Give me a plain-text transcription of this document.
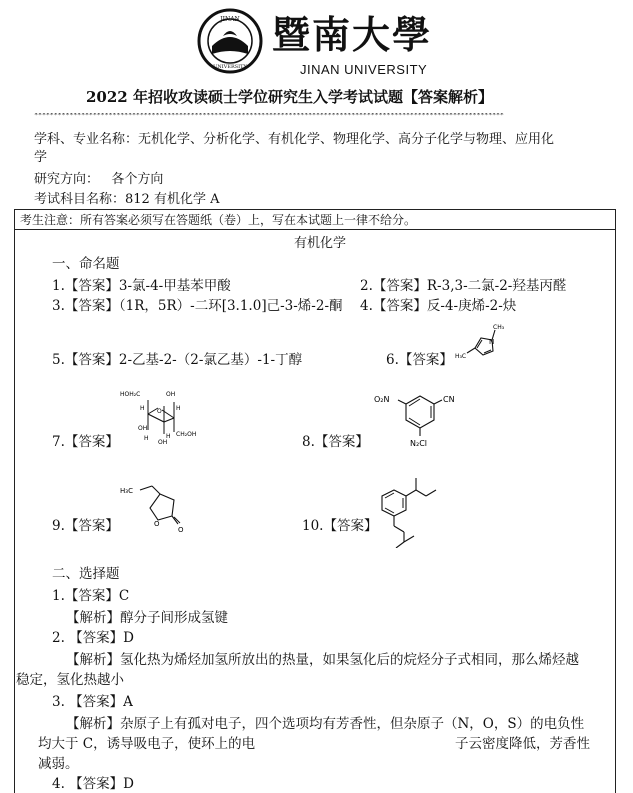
JINAN
UNIVERSITY
暨南大學
JINAN UNIVERSITY
2022 年招收攻读硕士学位研究生入学考试试题【答案解析】
************************************************************************************************************************
学科、专业名称：无机化学、分析化学、有机化学、物理化学、高分子化学与物理、应用化
学
研究方向：   各个方向
考试科目名称：812 有机化学 A
考生注意：所有答案必须写在答题纸（卷）上，写在本试题上一律不给分。
有机化学
一、命名题
1.【答案】3-氯-4-甲基苯甲酸	2.【答案】R-3,3-二氯-2-羟基丙醛
3.【答案】（1R，5R）-二环[3.1.0]己-3-烯-2-酮 4.【答案】反-4-庚烯-2-炔
5.【答案】2-乙基-2-（2-氯乙基）-1-丁醇	6.【答案】
7.【答案】	8.【答案】
9.【答案】	10.【答案】
N
CH₃
H₃C
HOH₂C	OH
H O H
OH
H
OH
H CH₂OH
O₂N	CN
N₂Cl
H₃C
O
O
二、选择题
1.【答案】C
【解析】醇分子间形成氢键
2. 【答案】D
【解析】氢化热为烯烃加氢所放出的热量，如果氢化后的烷烃分子式相同，那么烯烃越
稳定，氢化热越小
3. 【答案】A
【解析】杂原子上有孤对电子，四个选项均有芳香性，但杂原子（N，O，S）的电负性
均大于 C，诱导吸电子，使环上的电	子云密度降低，芳香性
减弱。
4. 【答案】D
